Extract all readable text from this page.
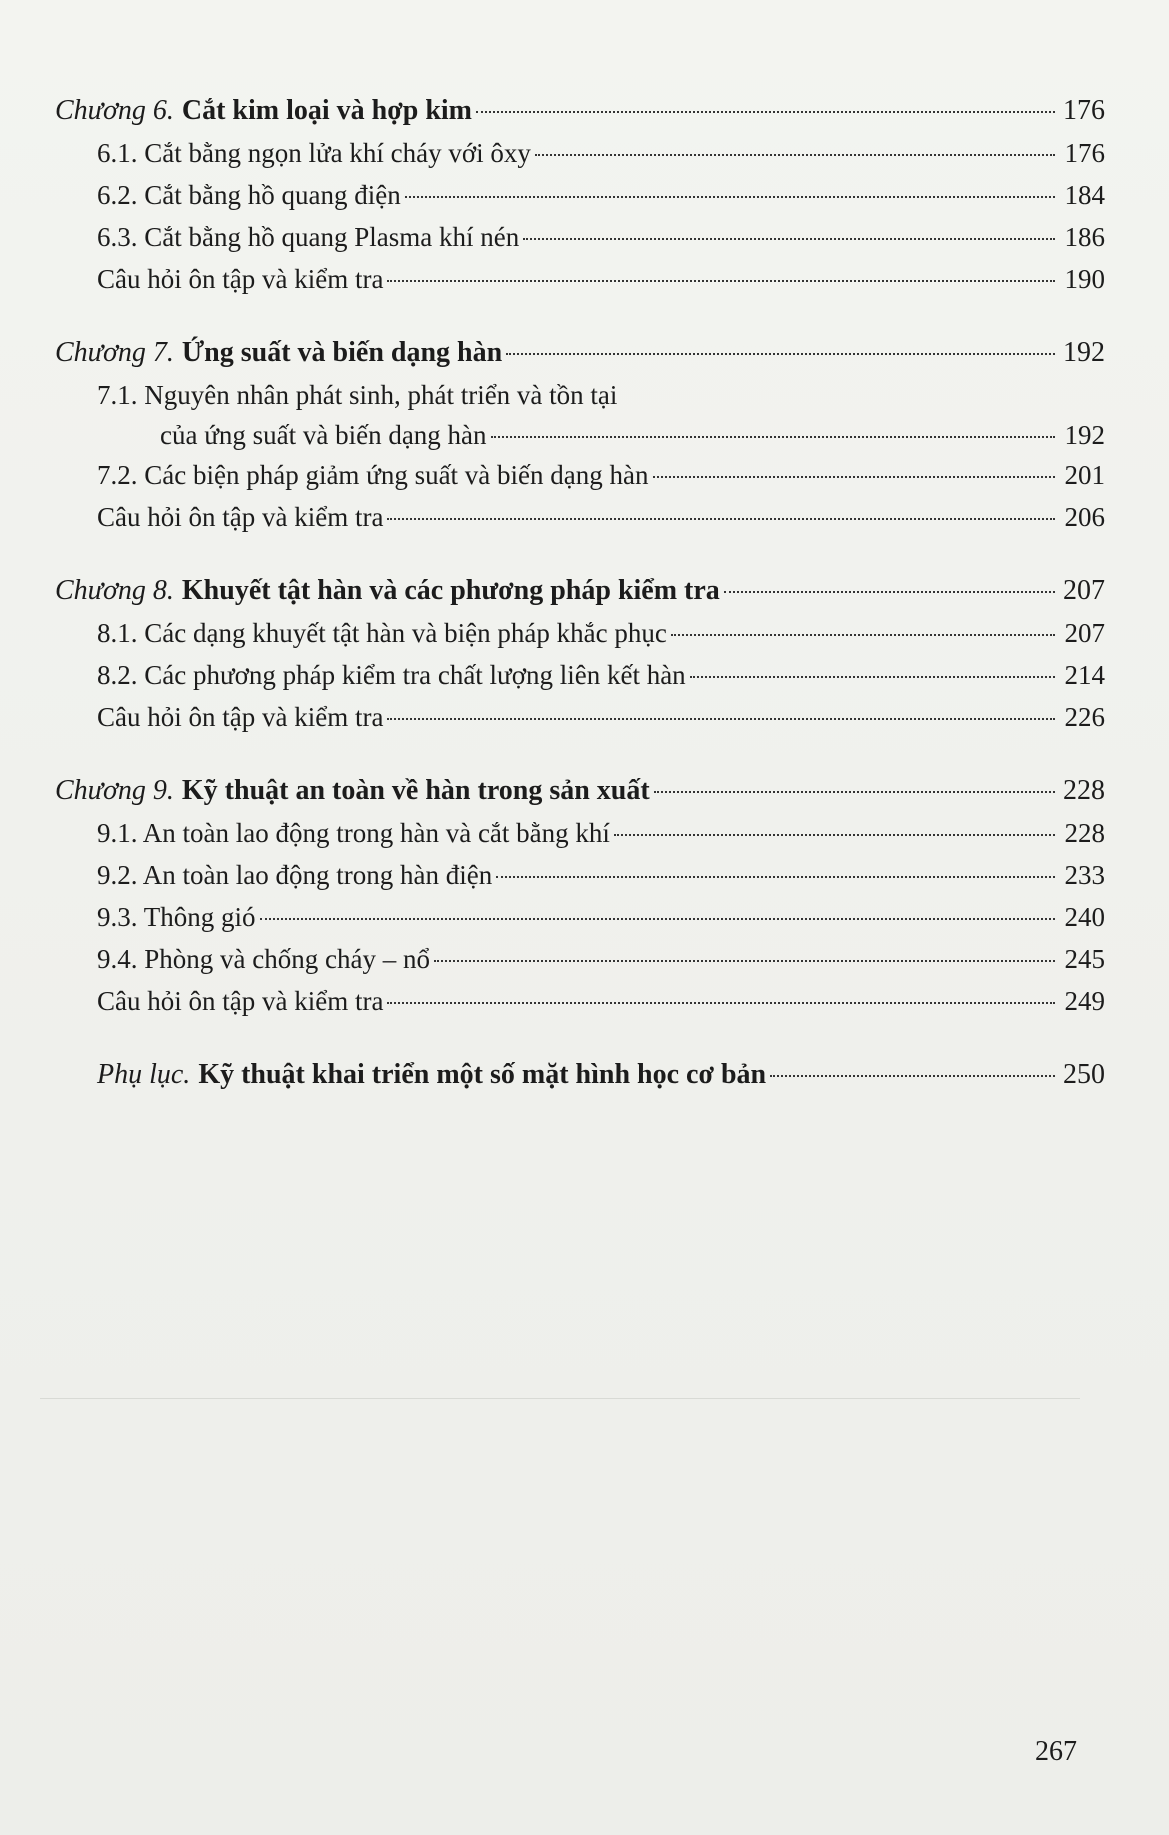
Chương 6. Cắt kim loại và hợp kim	176
6.1. Cắt bằng ngọn lửa khí cháy với ôxy	176
6.2. Cắt bằng hồ quang điện	184
6.3. Cắt bằng hồ quang Plasma khí nén	186
Câu hỏi ôn tập và kiểm tra	190
Chương 7. Ứng suất và biến dạng hàn	192
7.1. Nguyên nhân phát sinh, phát triển và tồn tại
của ứng suất và biến dạng hàn	192
7.2. Các biện pháp giảm ứng suất và biến dạng hàn	201
Câu hỏi ôn tập và kiểm tra	206
Chương 8. Khuyết tật hàn và các phương pháp kiểm tra	207
8.1. Các dạng khuyết tật hàn và biện pháp khắc phục	207
8.2. Các phương pháp kiểm tra chất lượng liên kết hàn	214
Câu hỏi ôn tập và kiểm tra	226
Chương 9. Kỹ thuật an toàn về hàn trong sản xuất	228
9.1. An toàn lao động trong hàn và cắt bằng khí	228
9.2. An toàn lao động trong hàn điện	233
9.3. Thông gió	240
9.4. Phòng và chống cháy – nổ	245
Câu hỏi ôn tập và kiểm tra	249
Phụ lục. Kỹ thuật khai triển một số mặt hình học cơ bản	250
267
